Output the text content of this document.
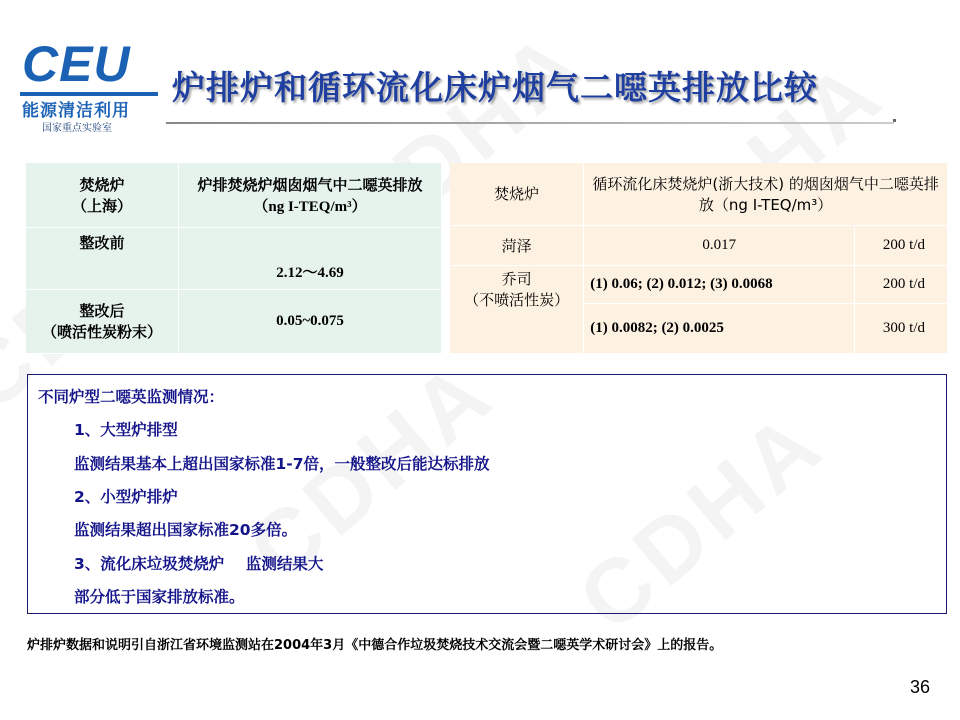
CEU
能源清洁利用
国家重点实验室
炉排炉和循环流化床炉烟气二噁英排放比较
焚烧炉
（上海）	炉排焚烧炉烟囱烟气中二噁英排放（ng I-TEQ/m³）
整改前	2.12～4.69
整改后
（喷活性炭粉末）	0.05~0.075
焚烧炉	循环流化床焚烧炉(浙大技术) 的烟囱烟气中二噁英排放（ng I-TEQ/m³）	
菏泽	0.017	200 t/d
乔司
（不喷活性炭）	(1) 0.06; (2) 0.012; (3) 0.0068	200 t/d
	(1) 0.0082; (2) 0.0025	300 t/d
不同炉型二噁英监测情况：
1、大型炉排型
监测结果基本上超出国家标准1-7倍，一般整改后能达标排放
2、小型炉排炉
监测结果超出国家标准20多倍。
3、流化床垃圾焚烧炉    监测结果大
部分低于国家排放标准。
炉排炉数据和说明引自浙江省环境监测站在2004年3月《中德合作垃圾焚烧技术交流会暨二噁英学术研讨会》上的报告。
36
